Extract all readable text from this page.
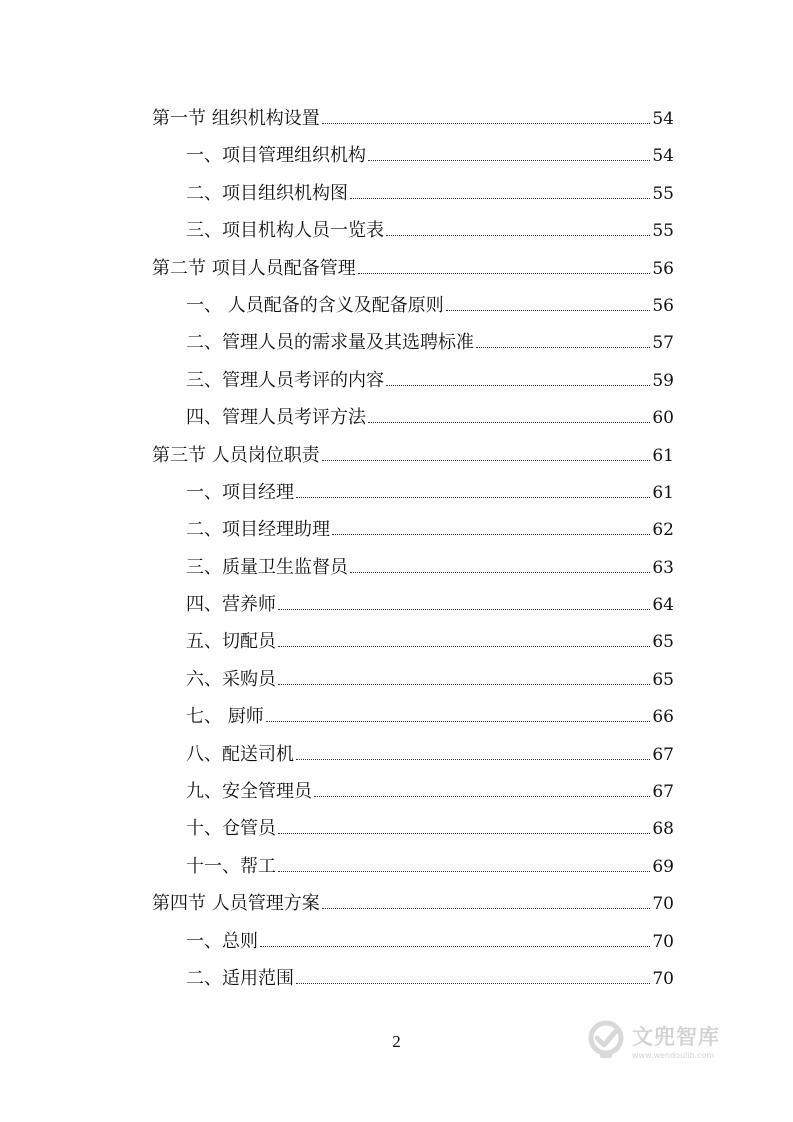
第一节 组织机构设置	54
一、项目管理组织机构	54
二、项目组织机构图	55
三、项目机构人员一览表	55
第二节 项目人员配备管理	56
一、 人员配备的含义及配备原则	56
二、管理人员的需求量及其选聘标准	57
三、管理人员考评的内容	59
四、管理人员考评方法	60
第三节 人员岗位职责	61
一、项目经理	61
二、项目经理助理	62
三、质量卫生监督员	63
四、营养师	64
五、切配员	65
六、采购员	65
七、 厨师	66
八、配送司机	67
九、安全管理员	67
十、仓管员	68
十一、帮工	69
第四节 人员管理方案	70
一、总则	70
二、适用范围	70
2	文兜智库
www.wendoulib.com
